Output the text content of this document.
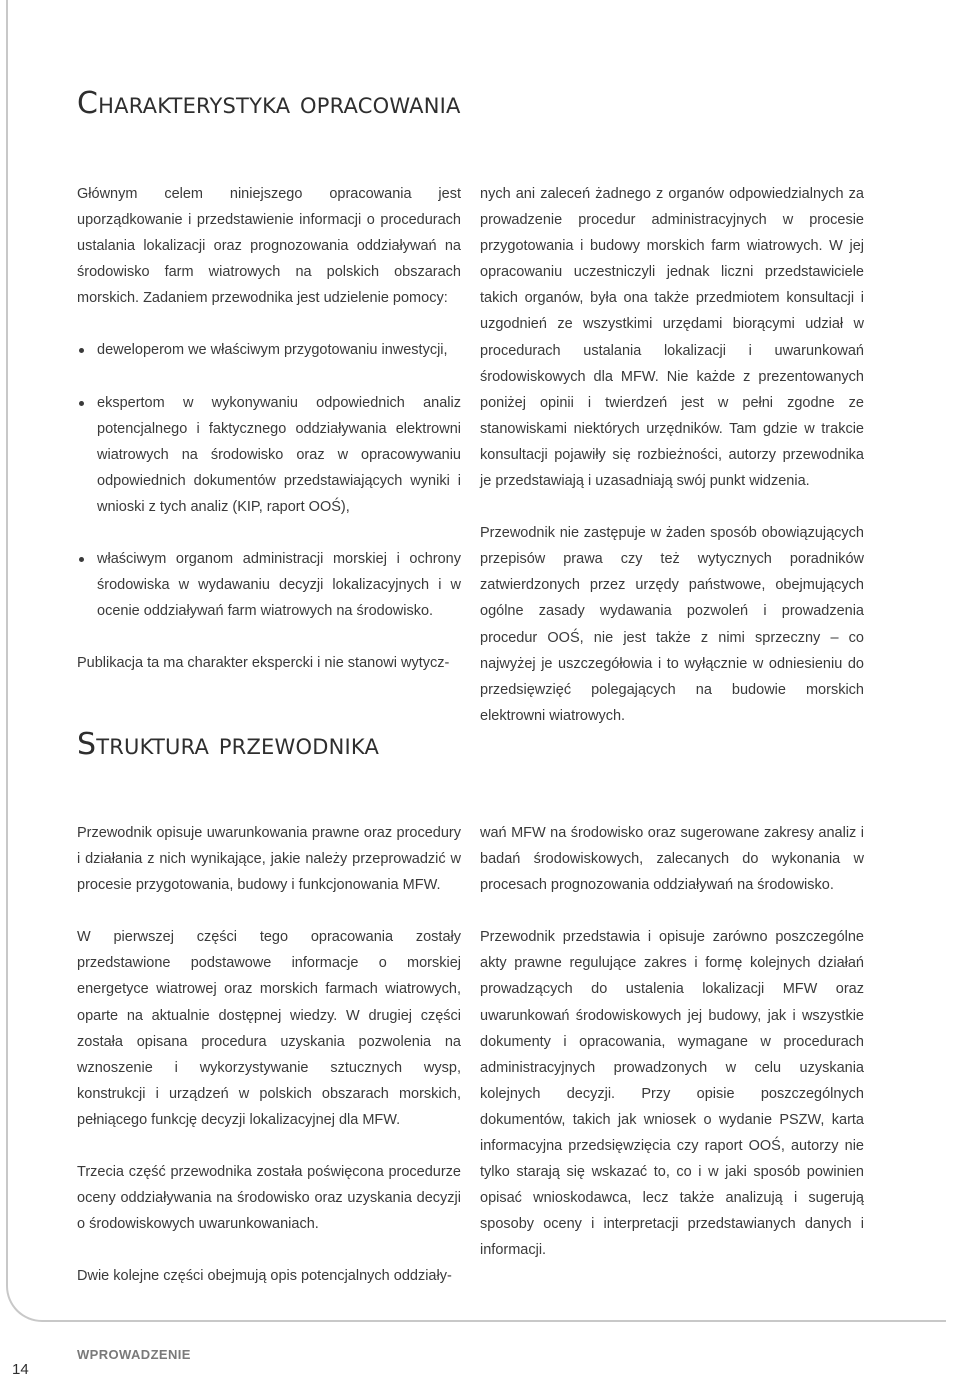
Charakterystyka opracowania

Głównym celem niniejszego opracowania jest uporządkowanie i przedstawienie informacji o procedurach ustalania lokalizacji oraz prognozowania oddziaływań na środowisko farm wiatrowych na polskich obszarach morskich. Zadaniem przewodnika jest udzielenie pomocy:

deweloperom we właściwym przygotowaniu inwestycji,
ekspertom w wykonywaniu odpowiednich analiz potencjalnego i faktycznego oddziaływania elektrowni wiatrowych na środowisko oraz w opracowywaniu odpowiednich dokumentów przedstawiających wyniki i wnioski z tych analiz (KIP, raport OOŚ),
właściwym organom administracji morskiej i ochrony środowiska w wydawaniu decyzji lokalizacyjnych i w ocenie oddziaływań farm wiatrowych na środowisko.

Publikacja ta ma charakter ekspercki i nie stanowi wytycz-

nych ani zaleceń żadnego z organów odpowiedzialnych za prowadzenie procedur administracyjnych w procesie przygotowania i budowy morskich farm wiatrowych. W jej opracowaniu uczestniczyli jednak liczni przedstawiciele takich organów, była ona także przedmiotem konsultacji i uzgodnień ze wszystkimi urzędami biorącymi udział w procedurach ustalania lokalizacji i uwarunkowań środowiskowych dla MFW. Nie każde z prezentowanych poniżej opinii i twierdzeń jest w pełni zgodne ze stanowiskami niektórych urzędników. Tam gdzie w trakcie konsultacji pojawiły się rozbieżności, autorzy przewodnika je przedstawiają i uzasadniają swój punkt widzenia.

Przewodnik nie zastępuje w żaden sposób obowiązujących przepisów prawa czy też wytycznych poradników zatwierdzonych przez urzędy państwowe, obejmujących ogólne zasady wydawania pozwoleń i prowadzenia procedur OOŚ, nie jest także z nimi sprzeczny – co najwyżej je uszczegółowia i to wyłącznie w odniesieniu do przedsięwzięć polegających na budowie morskich elektrowni wiatrowych.

Struktura przewodnika

Przewodnik opisuje uwarunkowania prawne oraz procedury i działania z nich wynikające, jakie należy przeprowadzić w procesie przygotowania, budowy i funkcjonowania MFW.

W pierwszej części tego opracowania zostały przedstawione podstawowe informacje o morskiej energetyce wiatrowej oraz morskich farmach wiatrowych, oparte na aktualnie dostępnej wiedzy. W drugiej części została opisana procedura uzyskania pozwolenia na wznoszenie i wykorzystywanie sztucznych wysp, konstrukcji i urządzeń w polskich obszarach morskich, pełniącego funkcję decyzji lokalizacyjnej dla MFW.

Trzecia część przewodnika została poświęcona procedurze oceny oddziaływania na środowisko oraz uzyskania decyzji o środowiskowych uwarunkowaniach.

Dwie kolejne części obejmują opis potencjalnych oddziały-

wań MFW na środowisko oraz sugerowane zakresy analiz i badań środowiskowych, zalecanych do wykonania w procesach prognozowania oddziaływań na środowisko.

Przewodnik przedstawia i opisuje zarówno poszczególne akty prawne regulujące zakres i formę kolejnych działań prowadzących do ustalenia lokalizacji MFW oraz uwarunkowań środowiskowych jej budowy, jak i wszystkie dokumenty i opracowania, wymagane w procedurach administracyjnych prowadzonych w celu uzyskania kolejnych decyzji. Przy opisie poszczególnych dokumentów, takich jak wniosek o wydanie PSZW, karta informacyjna przedsięwzięcia czy raport OOŚ, autorzy nie tylko starają się wskazać to, co i w jaki sposób powinien opisać wnioskodawca, lecz także analizują i sugerują sposoby oceny i interpretacji przedstawianych danych i informacji.

14
WPROWADZENIE
